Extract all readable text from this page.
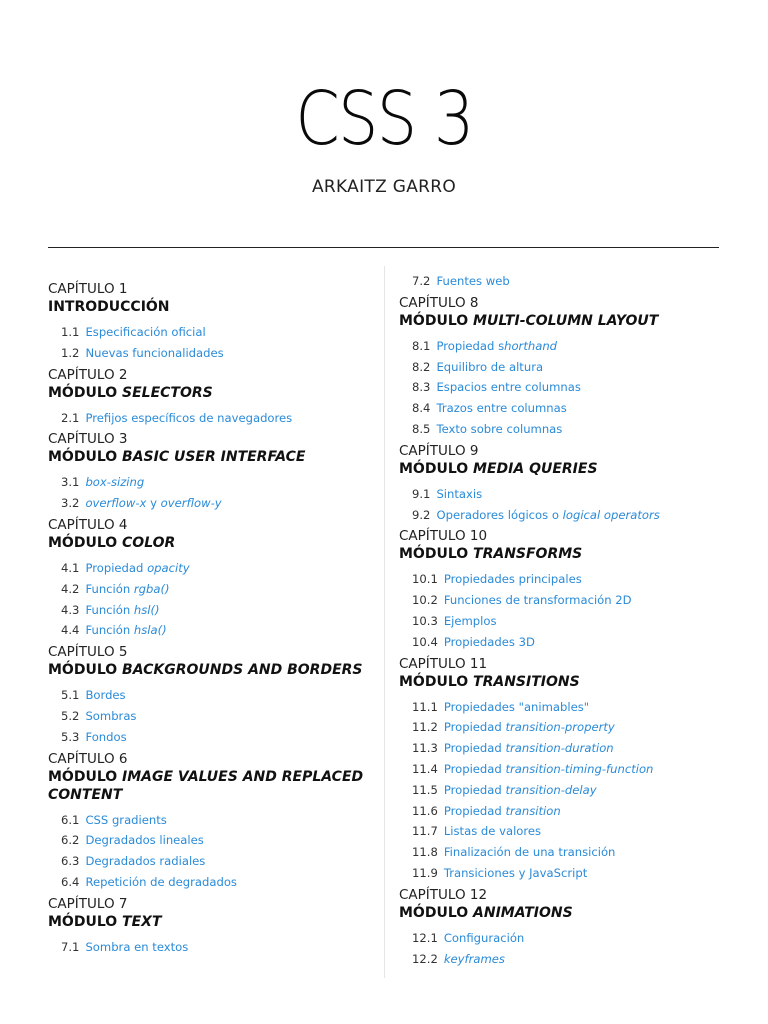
CSS 3

ARKAITZ GARRO

CAPÍTULO 1

INTRODUCCIÓN
1.1 Especificación oficial
1.2 Nuevas funcionalidades

CAPÍTULO 2

MÓDULO SELECTORS
2.1 Prefijos específicos de navegadores

CAPÍTULO 3

MÓDULO BASIC USER INTERFACE
3.1 box-sizing
3.2 overflow-x y overflow-y

CAPÍTULO 4

MÓDULO COLOR
4.1 Propiedad opacity
4.2 Función rgba()
4.3 Función hsl()
4.4 Función hsla()

CAPÍTULO 5

MÓDULO BACKGROUNDS AND BORDERS
5.1 Bordes
5.2 Sombras
5.3 Fondos

CAPÍTULO 6

MÓDULO IMAGE VALUES AND REPLACED CONTENT
6.1 CSS gradients
6.2 Degradados lineales
6.3 Degradados radiales
6.4 Repetición de degradados

CAPÍTULO 7

MÓDULO TEXT
7.1 Sombra en textos
7.2 Fuentes web

CAPÍTULO 8

MÓDULO MULTI-COLUMN LAYOUT
8.1 Propiedad shorthand
8.2 Equilibro de altura
8.3 Espacios entre columnas
8.4 Trazos entre columnas
8.5 Texto sobre columnas

CAPÍTULO 9

MÓDULO MEDIA QUERIES
9.1 Sintaxis
9.2 Operadores lógicos o logical operators

CAPÍTULO 10

MÓDULO TRANSFORMS
10.1 Propiedades principales
10.2 Funciones de transformación 2D
10.3 Ejemplos
10.4 Propiedades 3D

CAPÍTULO 11

MÓDULO TRANSITIONS
11.1 Propiedades "animables"
11.2 Propiedad transition-property
11.3 Propiedad transition-duration
11.4 Propiedad transition-timing-function
11.5 Propiedad transition-delay
11.6 Propiedad transition
11.7 Listas de valores
11.8 Finalización de una transición
11.9 Transiciones y JavaScript

CAPÍTULO 12

MÓDULO ANIMATIONS
12.1 Configuración
12.2 keyframes
